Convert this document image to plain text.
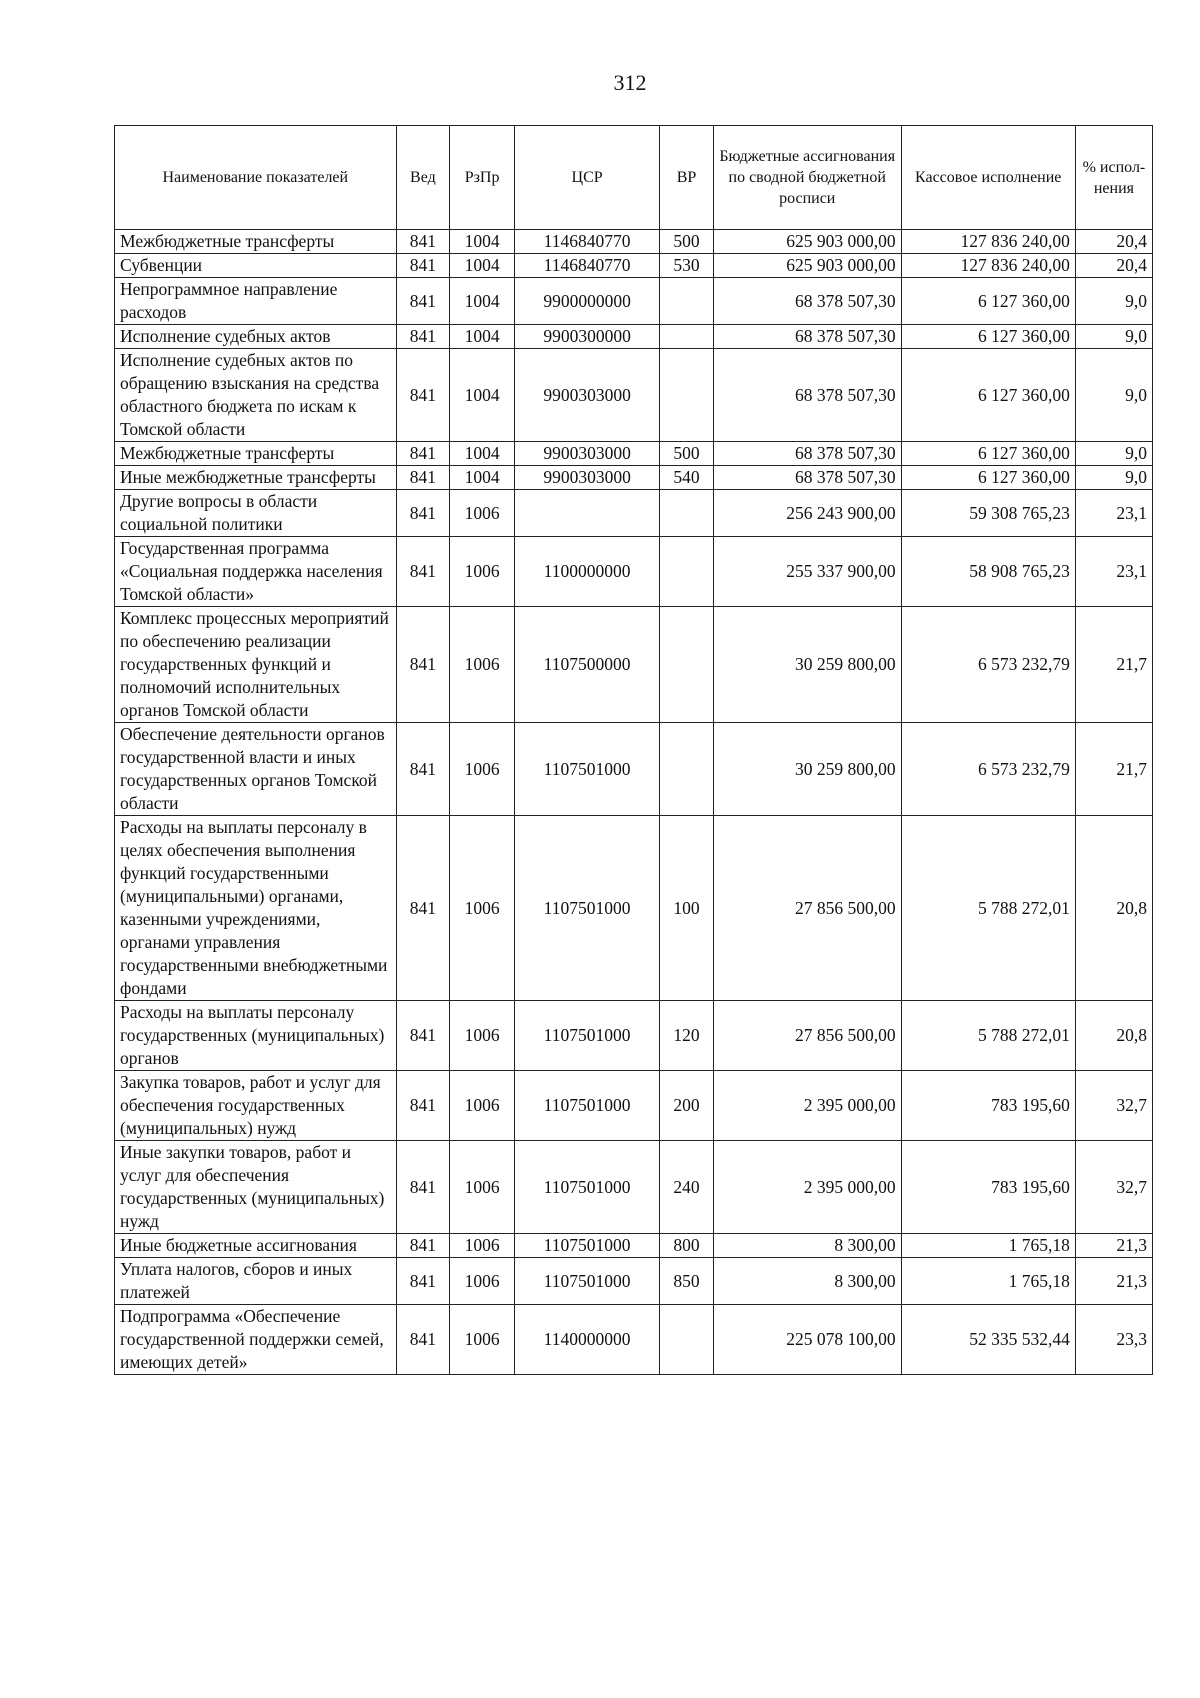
312
Наименование показателей	Вед	РзПр	ЦСР	ВР	Бюджетные ассигнования по сводной бюджетной росписи	Кассовое исполнение	% испол-нения
Межбюджетные трансферты	841	1004	1146840770	500	625 903 000,00	127 836 240,00	20,4
Субвенции	841	1004	1146840770	530	625 903 000,00	127 836 240,00	20,4
Непрограммное направление расходов	841	1004	9900000000		68 378 507,30	6 127 360,00	9,0
Исполнение судебных актов	841	1004	9900300000		68 378 507,30	6 127 360,00	9,0
Исполнение судебных актов по обращению взыскания на средства областного бюджета по искам к Томской области	841	1004	9900303000		68 378 507,30	6 127 360,00	9,0
Межбюджетные трансферты	841	1004	9900303000	500	68 378 507,30	6 127 360,00	9,0
Иные межбюджетные трансферты	841	1004	9900303000	540	68 378 507,30	6 127 360,00	9,0
Другие вопросы в области социальной политики	841	1006			256 243 900,00	59 308 765,23	23,1
Государственная программа «Социальная поддержка населения Томской области»	841	1006	1100000000		255 337 900,00	58 908 765,23	23,1
Комплекс процессных мероприятий по обеспечению реализации государственных функций и полномочий исполнительных органов Томской области	841	1006	1107500000		30 259 800,00	6 573 232,79	21,7
Обеспечение деятельности органов государственной власти и иных государственных органов Томской области	841	1006	1107501000		30 259 800,00	6 573 232,79	21,7
Расходы на выплаты персоналу в целях обеспечения выполнения функций государственными (муниципальными) органами, казенными учреждениями, органами управления государственными внебюджетными фондами	841	1006	1107501000	100	27 856 500,00	5 788 272,01	20,8
Расходы на выплаты персоналу государственных (муниципальных) органов	841	1006	1107501000	120	27 856 500,00	5 788 272,01	20,8
Закупка товаров, работ и услуг для обеспечения государственных (муниципальных) нужд	841	1006	1107501000	200	2 395 000,00	783 195,60	32,7
Иные закупки товаров, работ и услуг для обеспечения государственных (муниципальных) нужд	841	1006	1107501000	240	2 395 000,00	783 195,60	32,7
Иные бюджетные ассигнования	841	1006	1107501000	800	8 300,00	1 765,18	21,3
Уплата налогов, сборов и иных платежей	841	1006	1107501000	850	8 300,00	1 765,18	21,3
Подпрограмма «Обеспечение государственной поддержки семей, имеющих детей»	841	1006	1140000000		225 078 100,00	52 335 532,44	23,3
